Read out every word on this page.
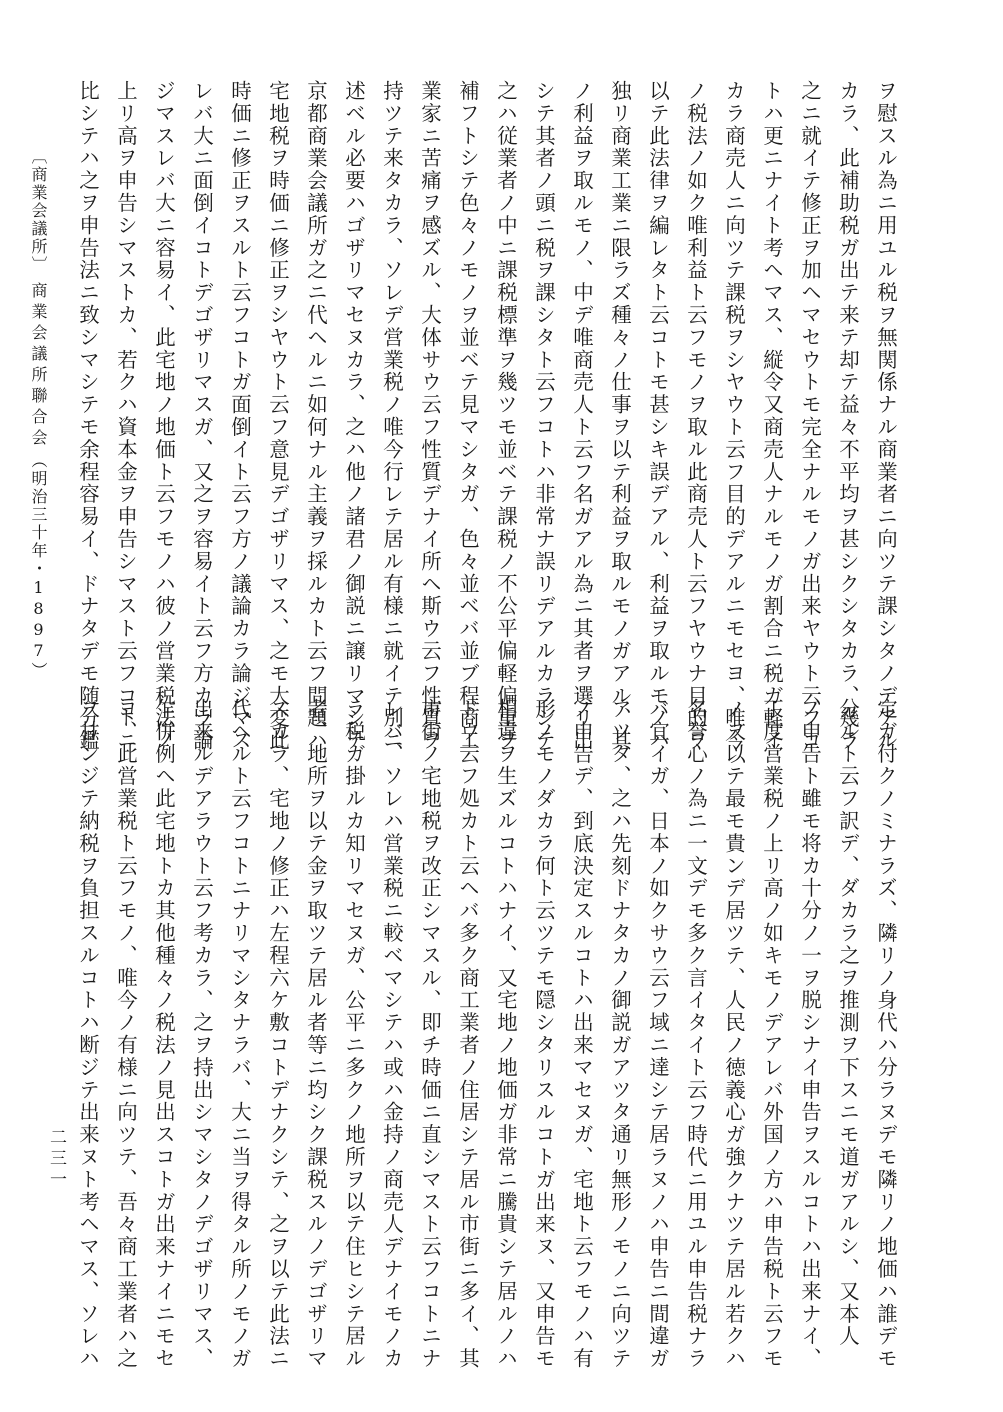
ヲ慰スル為ニ用ユル税ヲ無関係ナル商業者ニ向ツテ課シタノデアル
カラ、此補助税ガ出テ来テ却テ益々不平均ヲ甚シクシタカラ、幾ラ
之ニ就イテ修正ヲ加ヘマセウトモ完全ナルモノガ出来ヤウト云フコ
トハ更ニナイト考ヘマス、縦令又商売人ナルモノガ割合ニ税ガ軽イ
カラ商売人ニ向ツテ課税ヲシヤウト云フ目的デアルニモセヨ、唯今
ノ税法ノ如ク唯利益ト云フモノヲ取ル此商売人ト云フヤウナ目的ヲ
以テ此法律ヲ編レタト云コトモ甚シキ誤デアル、利益ヲ取ルモノハ
独リ商業工業ニ限ラズ種々ノ仕事ヲ以テ利益ヲ取ルモノガアル、其
ノ利益ヲ取ルモノ、中デ唯商売人ト云フ名ガアル為ニ其者ヲ選リ出
シテ其者ノ頭ニ税ヲ課シタト云フコトハ非常ナ誤リデアルカラシテ
之ハ従業者ノ中ニ課税標準ヲ幾ツモ並ベテ課税ノ不公平偏軽偏重ヲ
補フトシテ色々ノモノヲ並ベテ見マシタガ、色々並ベバ並ブ程商工
業家ニ苦痛ヲ感ズル、大体サウ云フ性質デナイ所ヘ斯ウ云フ性質ヲ
持ツテ来タカラ、ソレデ営業税ノ唯今行レテ居ル有様ニ就イテ別ニ
述ベル必要ハゴザリマセヌカラ、之ハ他ノ諸君ノ御説ニ譲リマシテ
京都商業会議所ガ之ニ代ヘルニ如何ナル主義ヲ採ルカト云フ問題ハ
宅地税ヲ時価ニ修正ヲシヤウト云フ意見デゴザリマス、之モ大変此
時価ニ修正ヲスルト云フコトガ面倒イト云フ方ノ議論カラ論ジマス
レバ大ニ面倒イコトデゴザリマスガ、又之ヲ容易イト云フ方カラ論
ジマスレバ大ニ容易イ、此宅地ノ地価ト云フモノハ彼ノ営業税法ノ
上リ高ヲ申告シマストカ、若クハ資本金ヲ申告シマスト云フコトニ
比シテハ之ヲ申告法ニ致シマシテモ余程容易イ、ドナタデモ随分鑑
定ガ付クノミナラズ、隣リノ身代ハ分ラヌデモ隣リノ地価ハ誰デモ
分ルト云フ訳デ、ダカラ之ヲ推測ヲ下スニモ道ガアルシ、又本人
ノ申告ト雖モ将カ十分ノ一ヲ脱シナイ申告ヲスルコトハ出来ナイ、
丁度営業税ノ上リ高ノ如キモノデアレバ外国ノ方ハ申告税ト云フモ
ノヲ以テ最モ貴ンデ居ツテ、人民ノ徳義心ガ強クナツテ居ル若クハ
名誉心ノ為ニ一文デモ多ク言イタイト云フ時代ニ用ユル申告税ナラ
バ宜イガ、日本ノ如クサウ云フ域ニ達シテ居ラヌノハ申告ニ間違ガ
アツタ、之ハ先刻ドナタカノ御説ガアツタ通リ無形ノモノニ向ツテ
ノ申告デ、到底決定スルコトハ出来マセヌガ、宅地ト云フモノハ有
形ノモノダカラ何ト云ツテモ隠シタリスルコトガ出来ヌ、又申告モ
相違ヲ生ズルコトハナイ、又宅地ノ地価ガ非常ニ騰貴シテ居ルノハ
ドウ云フ処カト云ヘバ多ク商工業者ノ住居シテ居ル市街ニ多イ、其
市街ノ宅地税ヲ改正シマスル、即チ時価ニ直シマスト云フコトニナ
レバ、ソレハ営業税ニ較ベマシテハ或ハ金持ノ商売人デナイモノカ
ラ税ガ掛ルカ知リマセヌガ、公平ニ多クノ地所ヲ以テ住ヒシテ居ル
者、地所ヲ以テ金ヲ取ツテ居ル者等ニ均シク課税スルノデゴザリマ
スカラ、宅地ノ修正ハ左程六ケ敷コトデナクシテ、之ヲ以テ此法ニ
代ヘルト云フコトニナリマシタナラバ、大ニ当ヲ得タル所ノモノガ
出来ルデアラウト云フ考カラ、之ヲ持出シマシタノデゴザリマス、
乍併例ヘ此宅地トカ其他種々ノ税法ノ見出スコトガ出来ナイニモセ
ヨ、此営業税ト云フモノ、唯今ノ有様ニ向ツテ、吾々商工業者ハ之
ヲ甘ンジテ納税ヲ負担スルコトハ断ジテ出来ヌト考ヘマス、ソレハ
〔商業会議所〕
商業会議所聯合会
（明治三十年・1897）
二三一
